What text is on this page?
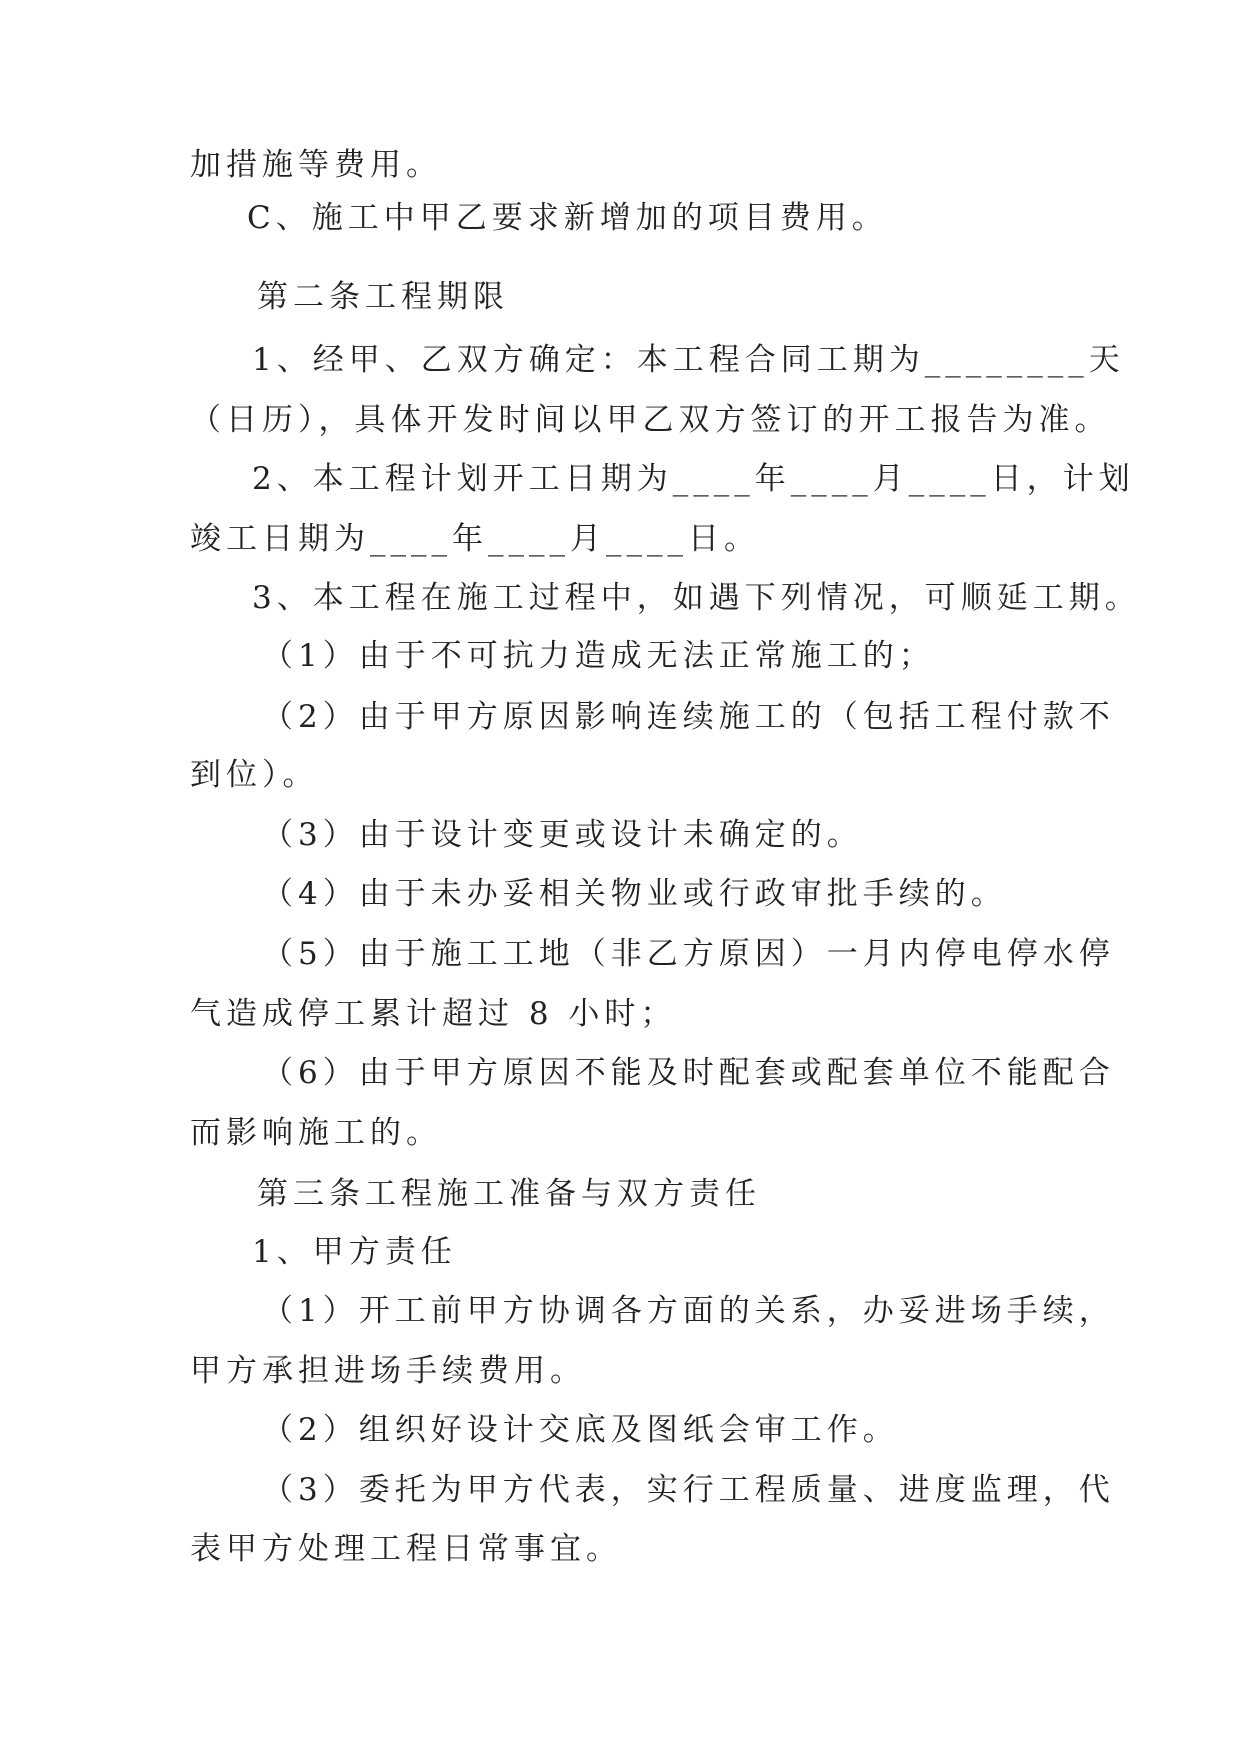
加措施等费用。
C、施工中甲乙要求新增加的项目费用。
第二条工程期限
1、经甲、乙双方确定：本工程合同工期为________天
（日历），具体开发时间以甲乙双方签订的开工报告为准。
2、本工程计划开工日期为____年____月____日，计划
竣工日期为____年____月____日。
3、本工程在施工过程中，如遇下列情况，可顺延工期。
（1）由于不可抗力造成无法正常施工的；
（2）由于甲方原因影响连续施工的（包括工程付款不
到位）。
（3）由于设计变更或设计未确定的。
（4）由于未办妥相关物业或行政审批手续的。
（5）由于施工工地（非乙方原因）一月内停电停水停
气造成停工累计超过 8 小时；
（6）由于甲方原因不能及时配套或配套单位不能配合
而影响施工的。
第三条工程施工准备与双方责任
1、甲方责任
（1）开工前甲方协调各方面的关系，办妥进场手续，
甲方承担进场手续费用。
（2）组织好设计交底及图纸会审工作。
（3）委托为甲方代表，实行工程质量、进度监理，代
表甲方处理工程日常事宜。
